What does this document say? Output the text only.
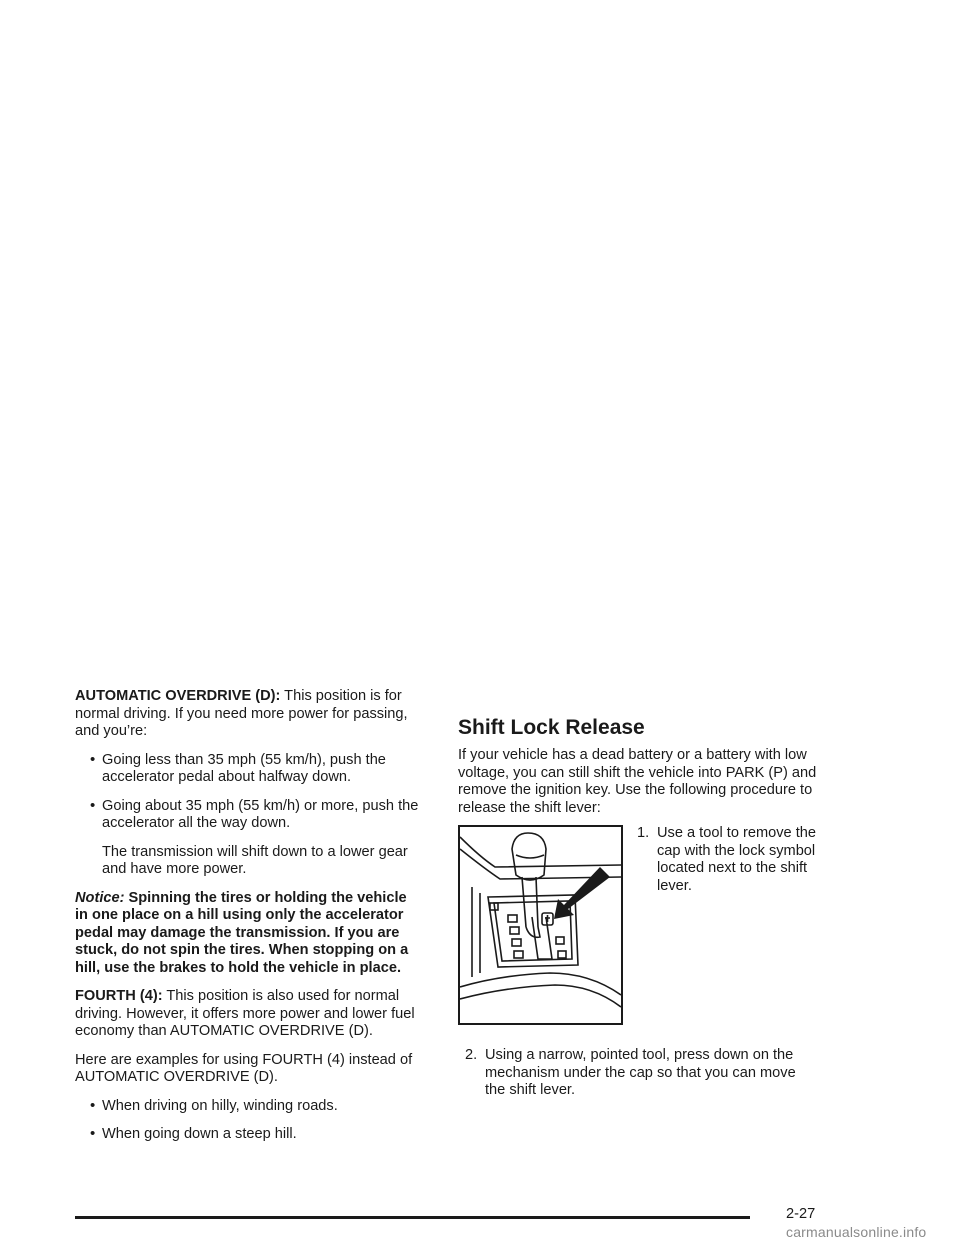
AUTOMATIC OVERDRIVE (D): This position is for normal driving. If you need more power for passing, and you’re:

• Going less than 35 mph (55 km/h), push the accelerator pedal about halfway down.
• Going about 35 mph (55 km/h) or more, push the accelerator all the way down.

The transmission will shift down to a lower gear and have more power.

Notice: Spinning the tires or holding the vehicle in one place on a hill using only the accelerator pedal may damage the transmission. If you are stuck, do not spin the tires. When stopping on a hill, use the brakes to hold the vehicle in place.

FOURTH (4): This position is also used for normal driving. However, it offers more power and lower fuel economy than AUTOMATIC OVERDRIVE (D).

Here are examples for using FOURTH (4) instead of AUTOMATIC OVERDRIVE (D).

• When driving on hilly, winding roads.
• When going down a steep hill.
Shift Lock Release
If your vehicle has a dead battery or a battery with low voltage, you can still shift the vehicle into PARK (P) and remove the ignition key. Use the following procedure to release the shift lever:
1. Use a tool to remove the cap with the lock symbol located next to the shift lever.
2. Using a narrow, pointed tool, press down on the mechanism under the cap so that you can move the shift lever.
2-27
carmanualsonline.info
